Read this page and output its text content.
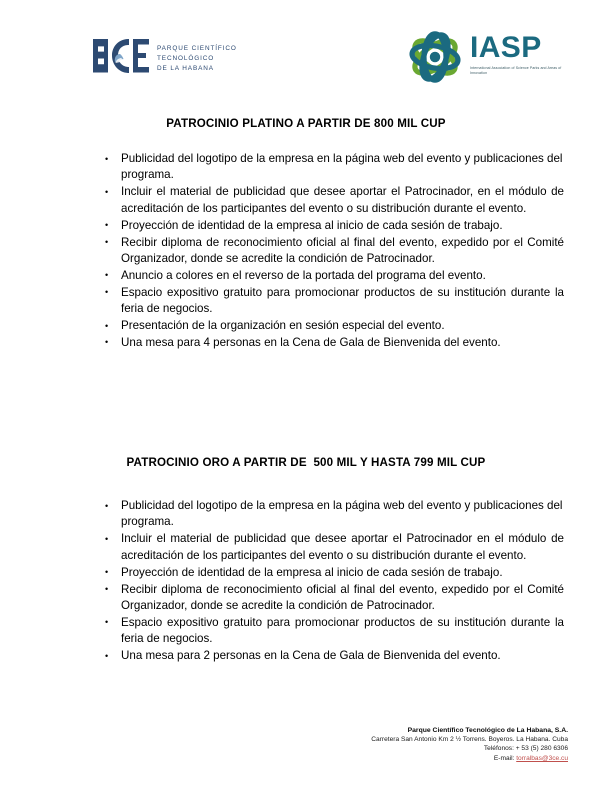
PARQUE CIENTÍFICO
TECNOLÓGICO
DE LA HABANA
IASP
International Association of Science Parks and Areas of Innovation
PATROCINIO PLATINO A PARTIR DE 800 MIL CUP
• Publicidad del logotipo de la empresa en la página web del evento y publicaciones del programa.
• Incluir el material de publicidad que desee aportar el Patrocinador, en el módulo de acreditación de los participantes del evento o su distribución durante el evento.
• Proyección de identidad de la empresa al inicio de cada sesión de trabajo.
• Recibir diploma de reconocimiento oficial al final del evento, expedido por el Comité Organizador, donde se acredite la condición de Patrocinador.
• Anuncio a colores en el reverso de la portada del programa del evento.
• Espacio expositivo gratuito para promocionar productos de su institución durante la feria de negocios.
• Presentación de la organización en sesión especial del evento.
• Una mesa para 4 personas en la Cena de Gala de Bienvenida del evento.
PATROCINIO ORO A PARTIR DE  500 MIL Y HASTA 799 MIL CUP
• Publicidad del logotipo de la empresa en la página web del evento y publicaciones del programa.
• Incluir el material de publicidad que desee aportar el Patrocinador en el módulo de acreditación de los participantes del evento o su distribución durante el evento.
• Proyección de identidad de la empresa al inicio de cada sesión de trabajo.
• Recibir diploma de reconocimiento oficial al final del evento, expedido por el Comité Organizador, donde se acredite la condición de Patrocinador.
• Espacio expositivo gratuito para promocionar productos de su institución durante la feria de negocios.
• Una mesa para 2 personas en la Cena de Gala de Bienvenida del evento.
Parque Científico Tecnológico de La Habana, S.A.
Carretera San Antonio Km 2 ½ Torrens. Boyeros. La Habana. Cuba
Teléfonos: + 53 (5) 280 6306
E-mail: torralbas@3ce.cu
